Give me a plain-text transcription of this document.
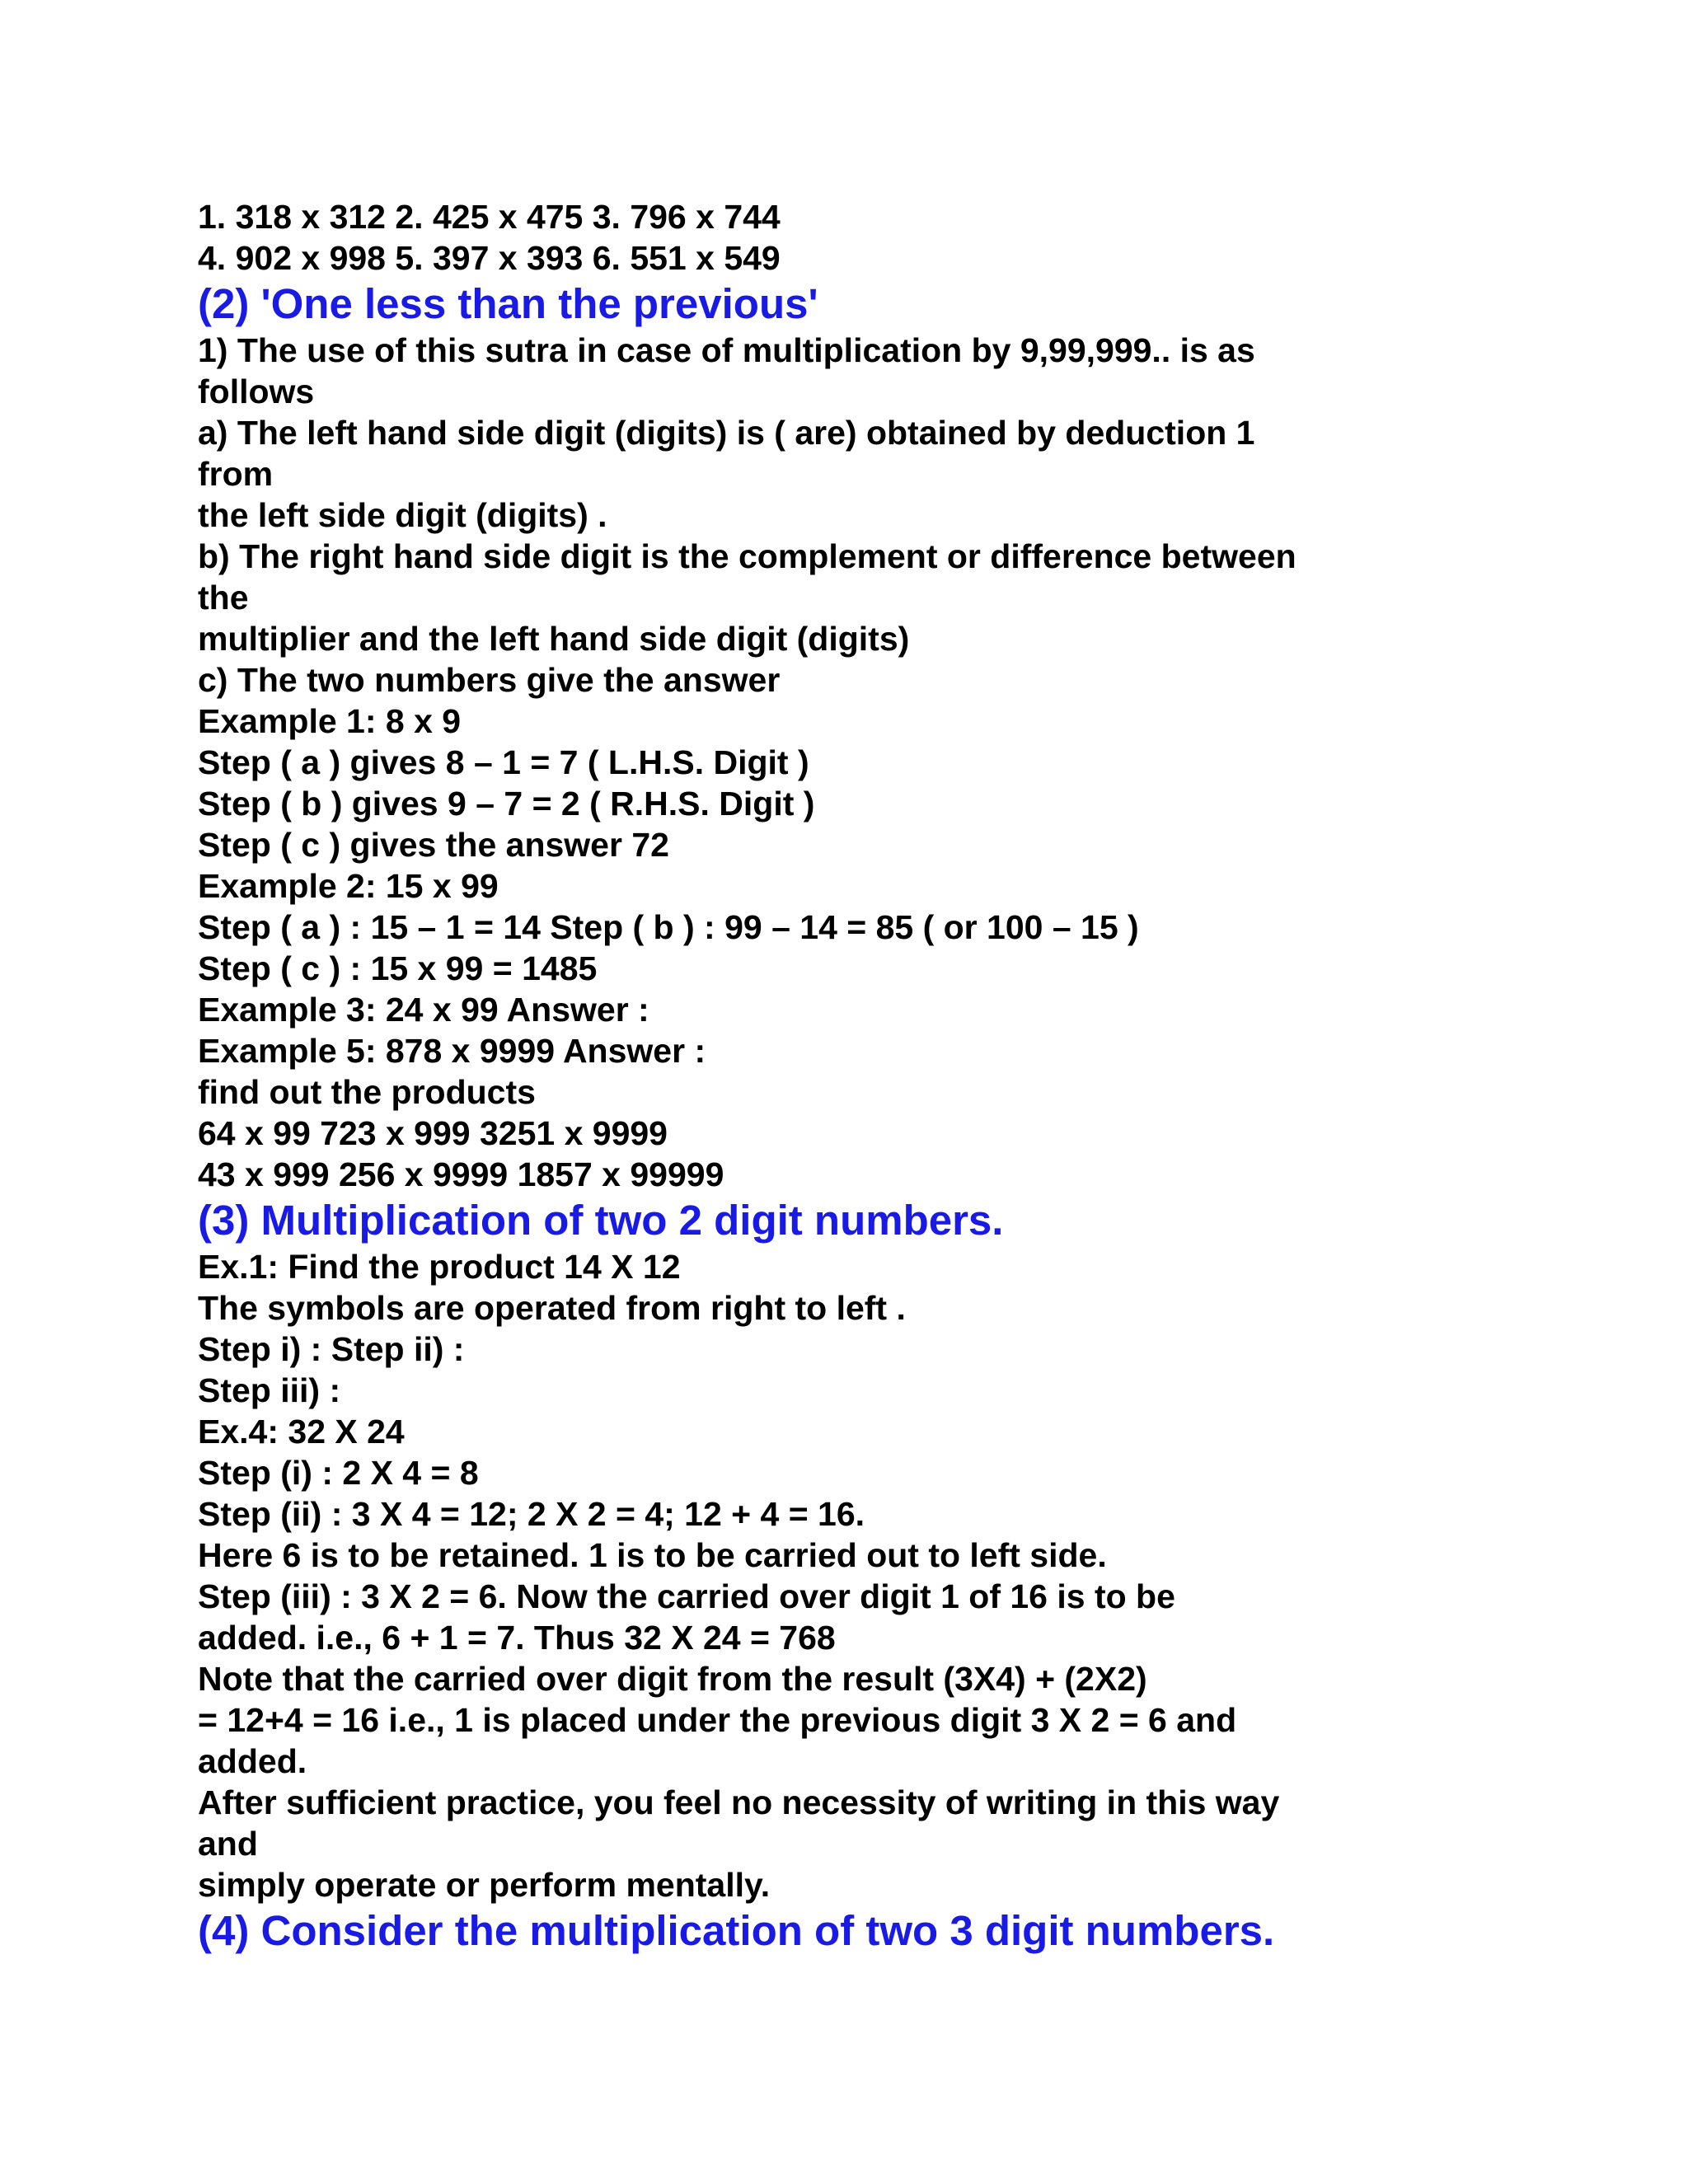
1. 318 x 312 2. 425 x 475 3. 796 x 744
4. 902 x 998 5. 397 x 393 6. 551 x 549
(2) 'One less than the previous'
1) The use of this sutra in case of multiplication by 9,99,999.. is as
follows
a) The left hand side digit (digits) is ( are) obtained by deduction 1
from
the left side digit (digits) .
b) The right hand side digit is the complement or difference between
the
multiplier and the left hand side digit (digits)
c) The two numbers give the answer
Example 1: 8 x 9
Step ( a ) gives 8 – 1 = 7 ( L.H.S. Digit )
Step ( b ) gives 9 – 7 = 2 ( R.H.S. Digit )
Step ( c ) gives the answer 72
Example 2: 15 x 99
Step ( a ) : 15 – 1 = 14 Step ( b ) : 99 – 14 = 85 ( or 100 – 15 )
Step ( c ) : 15 x 99 = 1485
Example 3: 24 x 99 Answer :
Example 5: 878 x 9999 Answer :
find out the products
64 x 99 723 x 999 3251 x 9999
43 x 999 256 x 9999 1857 x 99999
(3) Multiplication of two 2 digit numbers.
Ex.1: Find the product 14 X 12
The symbols are operated from right to left .
Step i) : Step ii) :
Step iii) :
Ex.4: 32 X 24
Step (i) : 2 X 4 = 8
Step (ii) : 3 X 4 = 12; 2 X 2 = 4; 12 + 4 = 16.
Here 6 is to be retained. 1 is to be carried out to left side.
Step (iii) : 3 X 2 = 6. Now the carried over digit 1 of 16 is to be
added. i.e., 6 + 1 = 7. Thus 32 X 24 = 768
Note that the carried over digit from the result (3X4) + (2X2)
= 12+4 = 16 i.e., 1 is placed under the previous digit 3 X 2 = 6 and
added.
After sufficient practice, you feel no necessity of writing in this way
and
simply operate or perform mentally.
(4) Consider the multiplication of two 3 digit numbers.
